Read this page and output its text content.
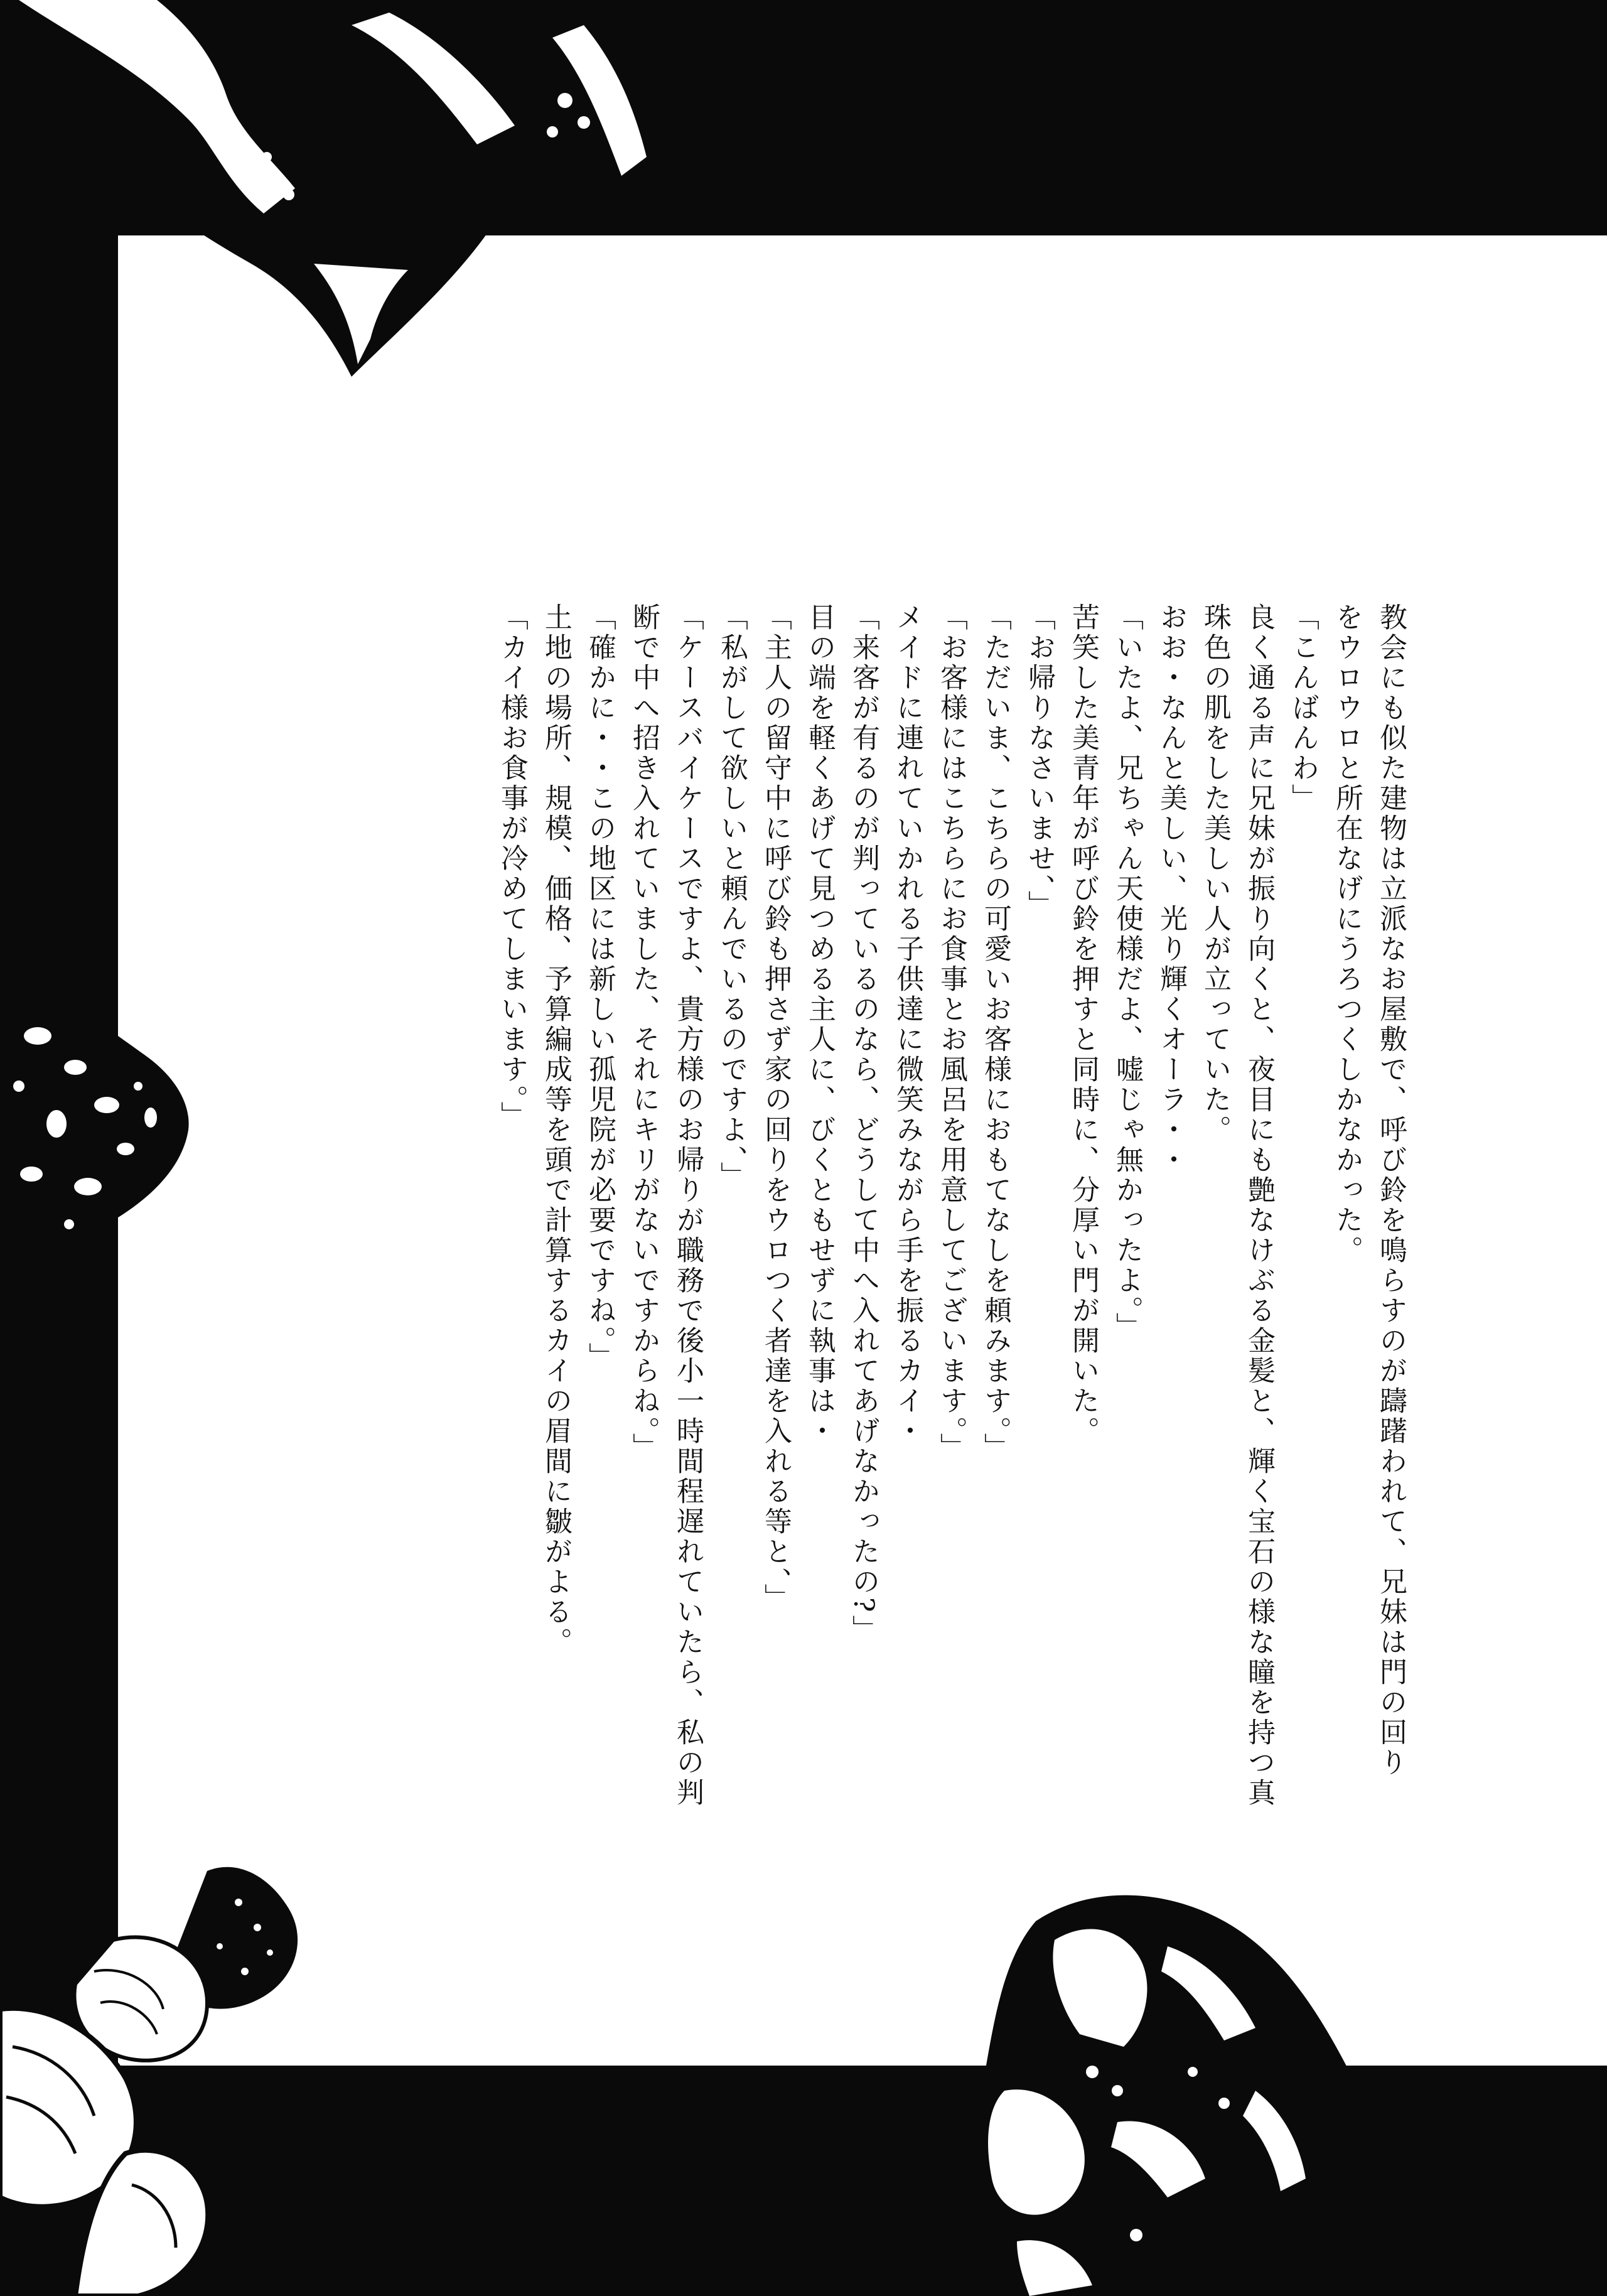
教会にも似た建物は立派なお屋敷で、呼び鈴を鳴らすのが躊躇われて、兄妹は門の回り
をウロウロと所在なげにうろつくしかなかった。
「こんばんわ」
良く通る声に兄妹が振り向くと、夜目にも艶なけぶる金髪と、輝く宝石の様な瞳を持つ真
珠色の肌をした美しい人が立っていた。
おお・なんと美しい、光り輝くオーラ・・
「いたよ、兄ちゃん天使様だよ、嘘じゃ無かったよ。」
苦笑した美青年が呼び鈴を押すと同時に、分厚い門が開いた。
「お帰りなさいませ、」
「ただいま、こちらの可愛いお客様におもてなしを頼みます。」
「お客様にはこちらにお食事とお風呂を用意してございます。」
メイドに連れていかれる子供達に微笑みながら手を振るカイ・
「来客が有るのが判っているのなら、どうして中へ入れてあげなかったの?」
目の端を軽くあげて見つめる主人に、びくともせずに執事は・
「主人の留守中に呼び鈴も押さず家の回りをウロつく者達を入れる等と、」
「私がして欲しいと頼んでいるのですよ、」
「ケースバイケースですよ、貴方様のお帰りが職務で後小一時間程遅れていたら、私の判
断で中へ招き入れていました、それにキリがないですからね。」
「確かに・・この地区には新しい孤児院が必要ですね。」
土地の場所、規模、価格、予算編成等を頭で計算するカイの眉間に皺がよる。
「カイ様お食事が冷めてしまいます。」
